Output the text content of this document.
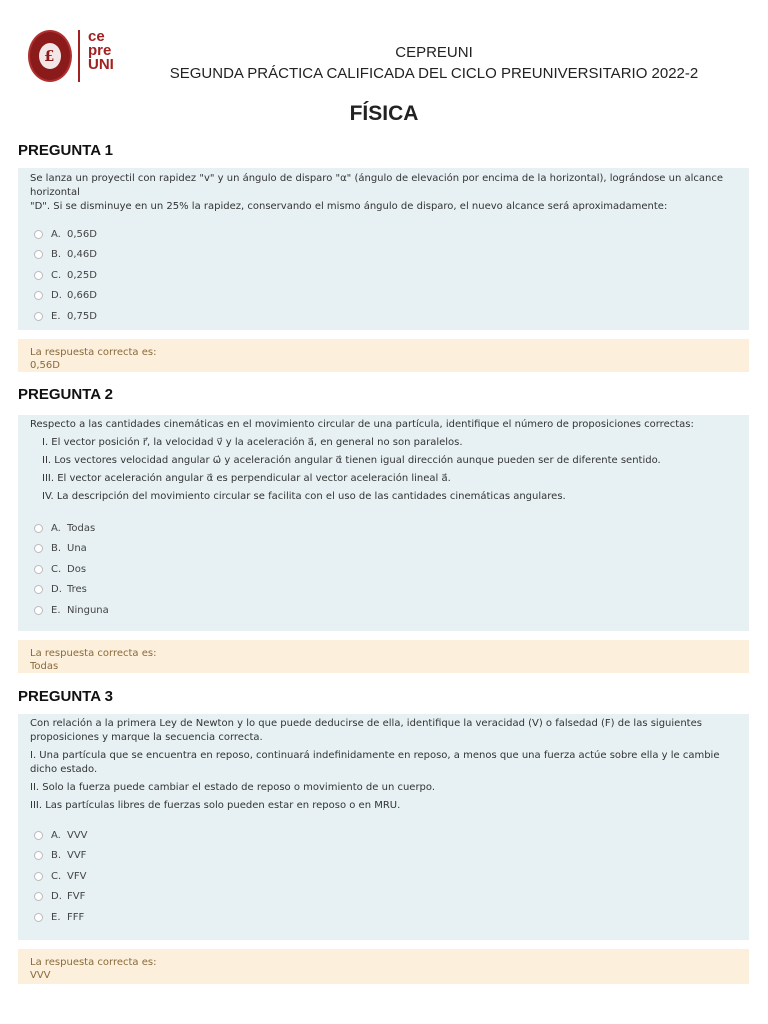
£
ce
pre
UNI
CEPREUNI
SEGUNDA PRÁCTICA CALIFICADA DEL CICLO PREUNIVERSITARIO 2022-2
FÍSICA
PREGUNTA 1
Se lanza un proyectil con rapidez "v" y un ángulo de disparo "α" (ángulo de elevación por encima de la horizontal), lográndose un alcance horizontal
"D". Si se disminuye en un 25% la rapidez, conservando el mismo ángulo de disparo, el nuevo alcance será aproximadamente:
A. 0,56D
B. 0,46D
C. 0,25D
D. 0,66D
E. 0,75D
La respuesta correcta es:
0,56D
PREGUNTA 2
Respecto a las cantidades cinemáticas en el movimiento circular de una partícula, identifique el número de proposiciones correctas:
I. El vector posición r⃗, la velocidad v⃗ y la aceleración a⃗, en general no son paralelos.
II. Los vectores velocidad angular ω⃗ y aceleración angular α⃗ tienen igual dirección aunque pueden ser de diferente sentido.
III. El vector aceleración angular α⃗ es perpendicular al vector aceleración lineal a⃗.
IV. La descripción del movimiento circular se facilita con el uso de las cantidades cinemáticas angulares.
A. Todas
B. Una
C. Dos
D. Tres
E. Ninguna
La respuesta correcta es:
Todas
PREGUNTA 3
Con relación a la primera Ley de Newton y lo que puede deducirse de ella, identifique la veracidad (V) o falsedad (F) de las siguientes proposiciones y marque la secuencia correcta.
I. Una partícula que se encuentra en reposo, continuará indefinidamente en reposo, a menos que una fuerza actúe sobre ella y le cambie dicho estado.
II. Solo la fuerza puede cambiar el estado de reposo o movimiento de un cuerpo.
III. Las partículas libres de fuerzas solo pueden estar en reposo o en MRU.
A. VVV
B. VVF
C. VFV
D. FVF
E. FFF
La respuesta correcta es:
VVV
